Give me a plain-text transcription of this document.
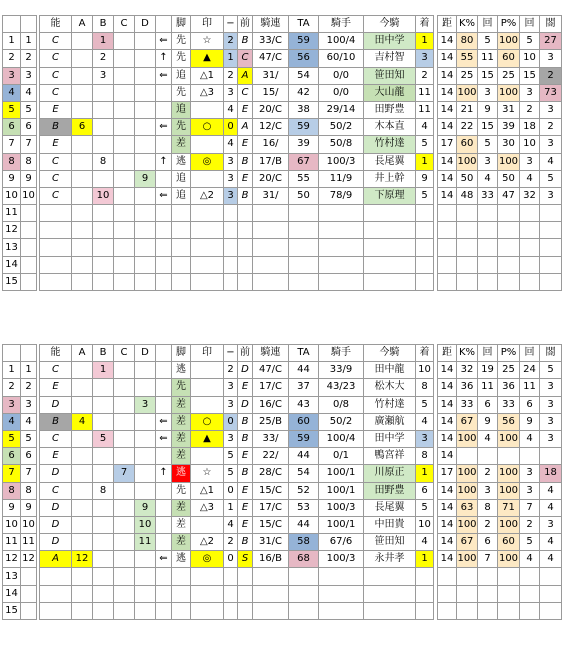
			能	A	B	C	D		脚	印	−	前	騎連	TA	騎手	今騎	着		距	K%	回	P%	回	閤
1	1		C		1			⇐	先	☆	2	B	33/C	59	100/4	田中学	1		14	80	5	100	5	27
2	2		C		2			↑	先	▲	1	C	47/C	56	60/10	吉村智	3		14	55	11	60	10	3
3	3		C		3			⇐	追	△1	2	A	31/	54	0/0	笹田知	2		14	25	15	25	15	2
4	4		C						先	△3	3	C	15/	42	0/0	大山龍	11		14	100	3	100	3	73
5	5		E						追		4	E	20/C	38	29/14	田野豊	11		14	21	9	31	2	3
6	6		B	6				⇐	先	○	0	A	12/C	59	50/2	木本直	4		14	22	15	39	18	2
7	7		E						差		4	E	16/	39	50/8	竹村達	5		17	60	5	30	10	3
8	8		C		8			↑	逃	◎	3	B	17/B	67	100/3	長尾翼	1		14	100	3	100	3	4
9	9		C				9		追		3	E	20/C	55	11/9	井上幹	9		14	50	4	50	4	5
10	10		C		10			⇐	追	△2	3	B	31/	50	78/9	下原理	5		14	48	33	47	32	3
11																								
12																								
13																								
14																								
15																								
			能	A	B	C	D		脚	印	−	前	騎連	TA	騎手	今騎	着		距	K%	回	P%	回	閤
1	1		C		1				逃		2	D	47/C	44	33/9	田中龍	10		14	32	19	25	24	5
2	2		E						先		3	E	17/C	37	43/23	松木大	8		14	36	11	36	11	3
3	3		D				3		差		3	D	16/C	43	0/8	竹村達	5		14	33	6	33	6	3
4	4		B	4				⇐	差	○	0	B	25/B	60	50/2	廣瀬航	4		14	67	9	56	9	3
5	5		C		5			⇐	差	▲	3	B	33/	59	100/4	田中学	3		14	100	4	100	4	3
6	6		E						差		5	E	22/	44	0/1	鴨宮祥	8		14					
7	7		D			7		↑	逃	☆	5	B	28/C	54	100/1	川原正	1		17	100	2	100	3	18
8	8		C		8				先	△1	0	E	15/C	52	100/1	田野豊	6		14	100	3	100	3	4
9	9		D				9		差	△3	1	E	17/C	53	100/3	長尾翼	5		14	63	8	71	7	4
10	10		D				10		差		4	E	15/C	44	100/1	中田貴	10		14	100	2	100	2	3
11	11		D				11		差	△2	2	B	31/C	58	67/6	笹田知	4		14	67	6	60	5	4
12	12		A	12				⇐	逃	◎	0	S	16/B	68	100/3	永井孝	1		14	100	7	100	4	4
13																								
14																								
15																								
